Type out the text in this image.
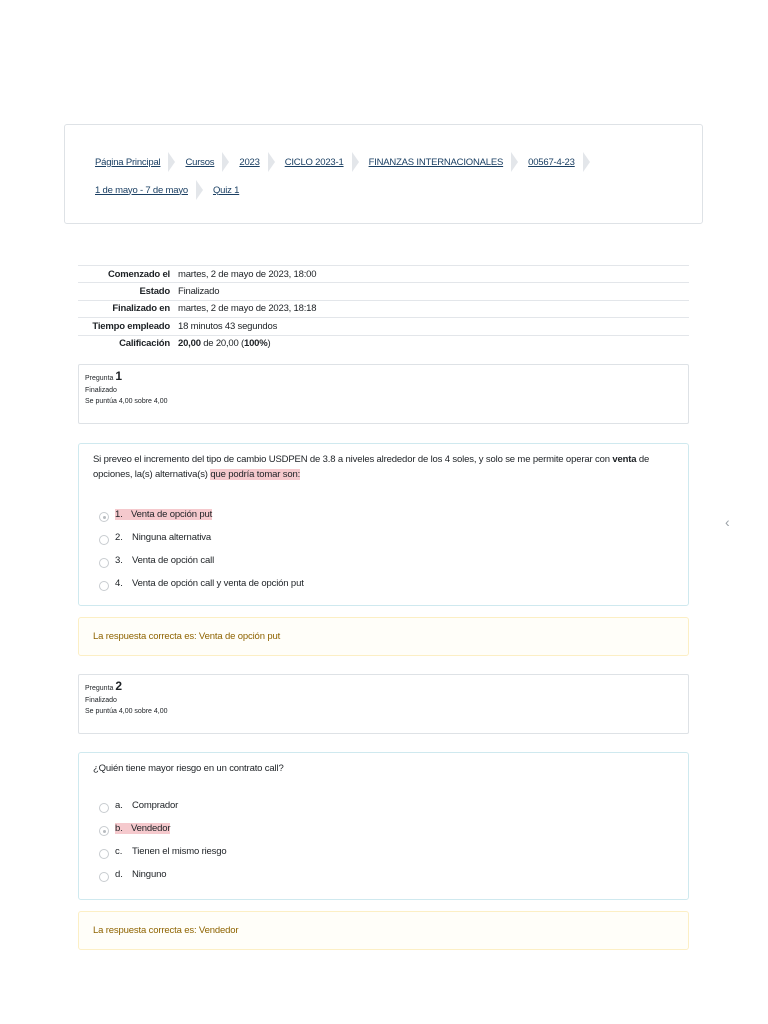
Página Principal	Cursos	2023	CICLO 2023-1	FINANZAS INTERNACIONALES	00567-4-23
1 de mayo - 7 de mayo	Quiz 1
Comenzado el	martes, 2 de mayo de 2023, 18:00
Estado	Finalizado
Finalizado en	martes, 2 de mayo de 2023, 18:18
Tiempo empleado	18 minutos 43 segundos
Calificación	20,00 de 20,00 (100%)
Pregunta 1
Finalizado
Se puntúa 4,00 sobre 4,00
Si preveo el incremento del tipo de cambio USDPEN de 3.8 a niveles alrededor de los 4 soles, y solo se me permite operar con venta de opciones, la(s) alternativa(s) que podría tomar son:
1. Venta de opción put
2. Ninguna alternativa
3. Venta de opción call
4. Venta de opción call y venta de opción put
La respuesta correcta es: Venta de opción put
Pregunta 2
Finalizado
Se puntúa 4,00 sobre 4,00
¿Quién tiene mayor riesgo en un contrato call?
a. Comprador
b. Vendedor
c.	Tienen el mismo riesgo
d. Ninguno
La respuesta correcta es: Vendedor
‹
